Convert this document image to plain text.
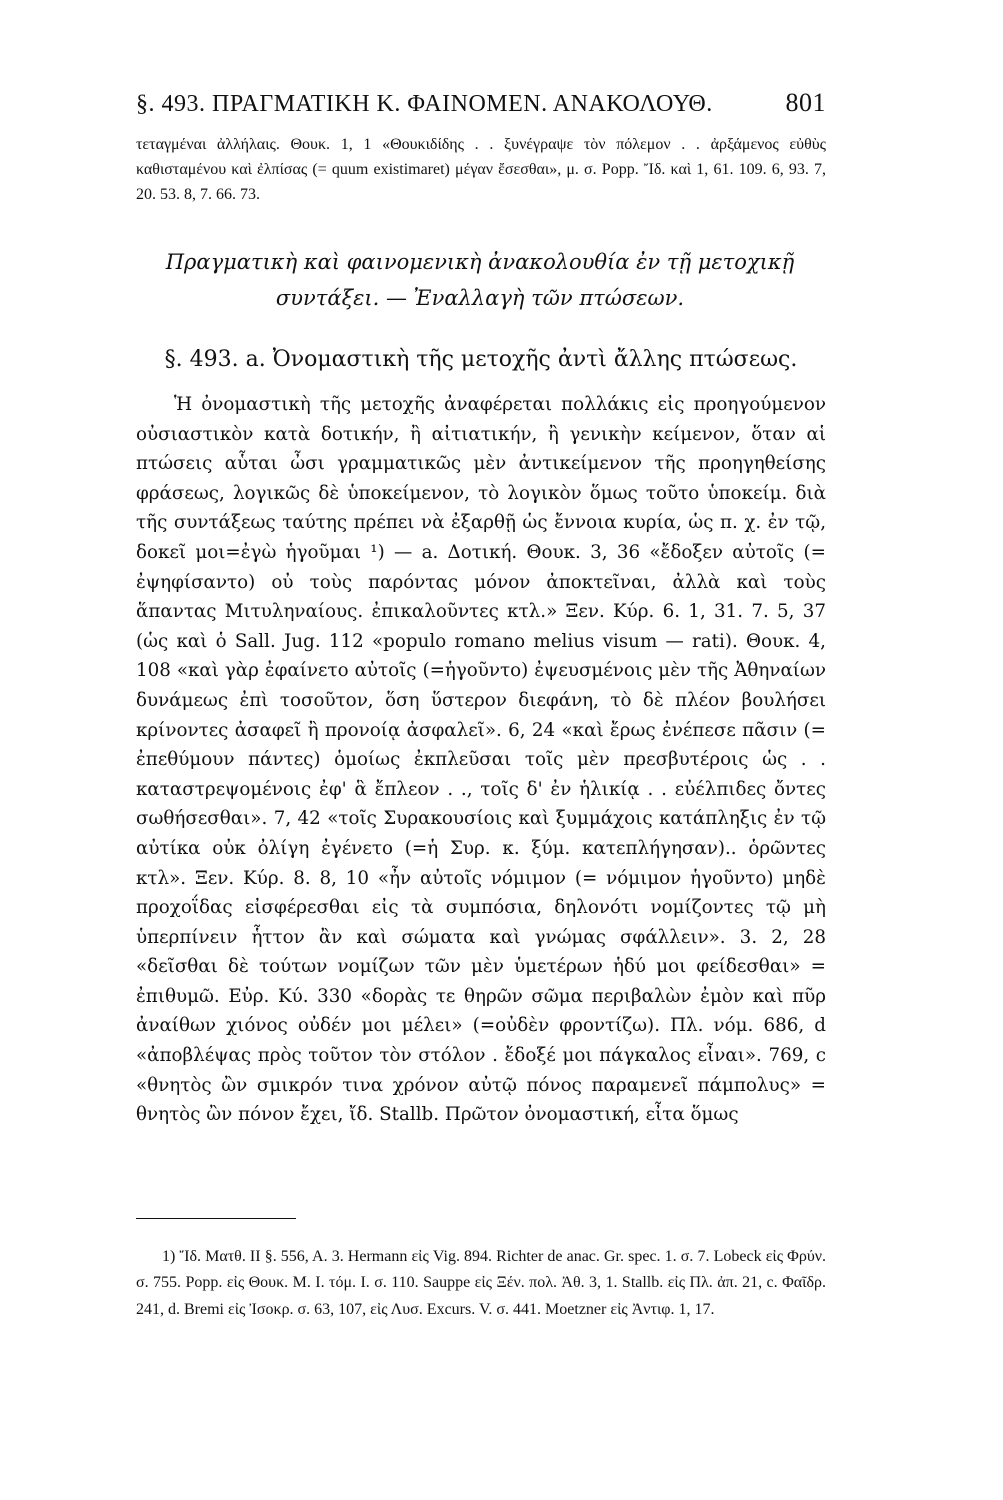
§. 493. ΠΡΑΓΜΑΤΙΚΗ Κ. ΦΑΙΝΟΜΕΝ. ΑΝΑΚΟΛΟΥΘ.	801
τεταγμέναι ἀλλήλαις. Θουκ. 1, 1 «Θουκιδίδης . . ξυνέγραψε τὸν πόλεμον . . ἀρξάμενος εὐθὺς καθισταμένου καὶ ἐλπίσας (= quum existimaret) μέγαν ἔσεσθαι», μ. σ. Popp. Ἴδ. καὶ 1, 61. 109. 6, 93. 7, 20. 53. 8, 7. 66. 73.
Πραγματικὴ καὶ φαινομενικὴ ἀνακολουθία ἐν τῇ μετοχικῇ
συντάξει. — Ἐναλλαγὴ τῶν πτώσεων.
§. 493. a. Ὀνομαστικὴ τῆς μετοχῆς ἀντὶ ἄλλης πτώσεως.

Ἡ ὀνομαστικὴ τῆς μετοχῆς ἀναφέρεται πολλάκις εἰς προηγούμενον οὐσιαστικὸν κατὰ δοτικήν, ἢ αἰτιατικήν, ἢ γενικὴν κείμενον, ὅταν αἱ πτώσεις αὗται ὦσι γραμματικῶς μὲν ἀντικείμενον τῆς προηγηθείσης φράσεως, λογικῶς δὲ ὑποκείμενον, τὸ λογικὸν ὅμως τοῦτο ὑποκείμ. διὰ τῆς συντάξεως ταύτης πρέπει νὰ ἐξαρθῇ ὡς ἔννοια κυρία, ὡς π. χ. ἐν τῷ, δοκεῖ μοι=ἐγὼ ἡγοῦμαι ¹) — a. Δοτική. Θουκ. 3, 36 «ἔδοξεν αὐτοῖς (= ἐψηφίσαντο) οὐ τοὺς παρόντας μόνον ἀποκτεῖναι, ἀλλὰ καὶ τοὺς ἅπαντας Μιτυληναίους. ἐπικαλοῦντες κτλ.» Ξεν. Κύρ. 6. 1, 31. 7. 5, 37 (ὡς καὶ ὁ Sall. Jug. 112 «populo romano melius visum — rati). Θουκ. 4, 108 «καὶ γὰρ ἐφαίνετο αὐτοῖς (=ἡγοῦντο) ἐψευσμένοις μὲν τῆς Ἀθηναίων δυνάμεως ἐπὶ τοσοῦτον, ὅση ὕστερον διεφάνη, τὸ δὲ πλέον βουλήσει κρίνοντες ἀσαφεῖ ἢ προνοίᾳ ἀσφαλεῖ». 6, 24 «καὶ ἔρως ἐνέπεσε πᾶσιν (= ἐπεθύμουν πάντες) ὁμοίως ἐκπλεῦσαι τοῖς μὲν πρεσβυτέροις ὡς . . καταστρεψομένοις ἐφ' ἃ ἔπλεον . ., τοῖς δ' ἐν ἡλικίᾳ . . εὐέλπιδες ὄντες σωθήσεσθαι». 7, 42 «τοῖς Συρακουσίοις καὶ ξυμμάχοις κατάπληξις ἐν τῷ αὐτίκα οὐκ ὀλίγη ἐγένετο (=ἡ Συρ. κ. ξύμ. κατεπλήγησαν).. ὁρῶντες κτλ». Ξεν. Κύρ. 8. 8, 10 «ἦν αὐτοῖς νόμιμον (= νόμιμον ἡγοῦντο) μηδὲ προχοΐδας εἰσφέρεσθαι εἰς τὰ συμπόσια, δηλονότι νομίζοντες τῷ μὴ ὑπερπίνειν ἧττον ἂν καὶ σώματα καὶ γνώμας σφάλλειν». 3. 2, 28 «δεῖσθαι δὲ τούτων νομίζων τῶν μὲν ὑμετέρων ἡδύ μοι φείδεσθαι» = ἐπιθυμῶ. Εὐρ. Κύ. 330 «δορὰς τε θηρῶν σῶμα περιβαλὼν ἐμὸν καὶ πῦρ ἀναίθων χιόνος οὐδέν μοι μέλει» (=οὐδὲν φροντίζω). Πλ. νόμ. 686, d «ἀποβλέψας πρὸς τοῦτον τὸν στόλον . ἔδοξέ μοι πάγκαλος εἶναι». 769, c «θνητὸς ὢν σμικρόν τινα χρόνον αὐτῷ πόνος παραμενεῖ πάμπολυς» = θνητὸς ὢν πόνον ἔχει, ἴδ. Stallb. Πρῶτον ὀνομαστική, εἶτα ὅμως

1) Ἴδ. Ματθ. II §. 556, A. 3. Hermann εἰς Vig. 894. Richter de anac. Gr. spec. 1. σ. 7. Lobeck εἰς Φρύν. σ. 755. Popp. εἰς Θουκ. M. I. τόμ. I. σ. 110. Sauppe εἰς Ξέν. πολ. Ἀθ. 3, 1. Stallb. εἰς Πλ. ἀπ. 21, c. Φαῖδρ. 241, d. Bremi εἰς Ἰσοκρ. σ. 63, 107, εἰς Λυσ. Excurs. V. σ. 441. Moetzner εἰς Ἀντιφ. 1, 17.
